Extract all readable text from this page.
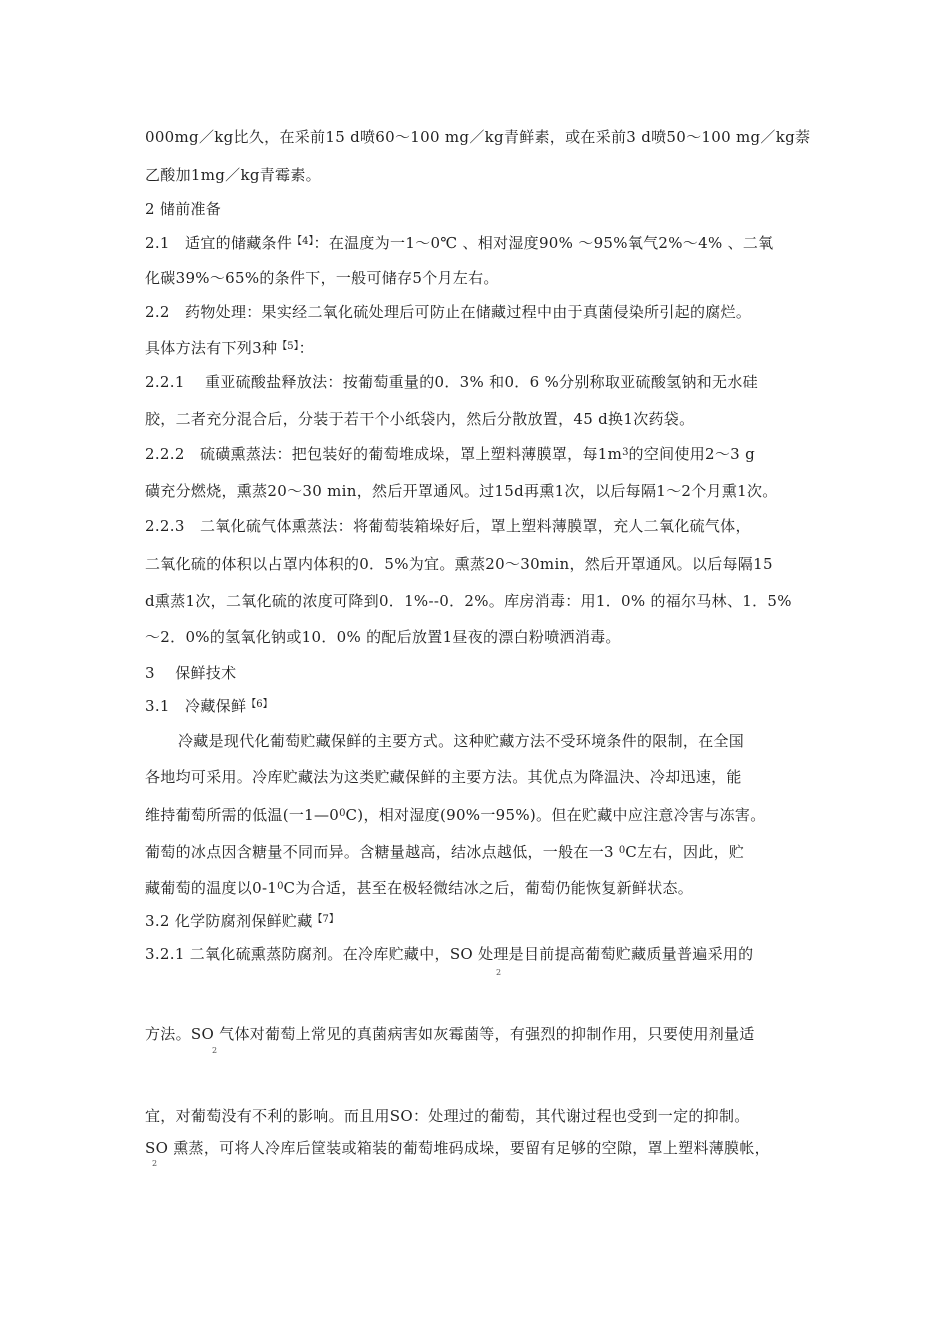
000mg／kg比久，在采前15 d喷60～100 mg／kg青鲜素，或在采前3 d喷50～100 mg／kg萘
乙酸加1mg／kg青霉素。
2 储前准备
2.1　适宜的储藏条件$^{【4】}$：在温度为一1～0℃ 、相对湿度90% ～95%氧气2%～4% 、二氧
化碳39%～65%的条件下，一般可储存5个月左右。
2.2　药物处理：果实经二氧化硫处理后可防止在储藏过程中由于真菌侵染所引起的腐烂。
具体方法有下列3种$^{【5】}$：
2.2.1　 重亚硫酸盐释放法：按葡萄重量的0．3% 和0．6 %分别称取亚硫酸氢钠和无水硅
胶，二者充分混合后，分装于若干个小纸袋内，然后分散放置，45 d换1次药袋。
2.2.2　硫磺熏蒸法：把包装好的葡萄堆成垛，罩上塑料薄膜罩，每1m$^3$的空间使用2～3 g
磺充分燃烧，熏蒸20～30 min，然后开罩通风。过15d再熏1次，以后每隔1～2个月熏1次。
2.2.3　二氧化硫气体熏蒸法：将葡萄装箱垛好后，罩上塑料薄膜罩，充人二氧化硫气体，
二氧化硫的体积以占罩内体积的0．5%为宜。熏蒸20～30min，然后开罩通风。以后每隔15
d熏蒸1次，二氧化硫的浓度可降到0．1%--0．2%。库房消毒：用1．0% 的福尔马林、1．5%
～2．0%的氢氧化钠或10．0% 的配后放置1昼夜的漂白粉喷洒消毒。
3　 保鲜技术
3.1　冷藏保鲜$^{【6】}$
冷藏是现代化葡萄贮藏保鲜的主要方式。这种贮藏方法不受环境条件的限制，在全国
各地均可采用。冷库贮藏法为这类贮藏保鲜的主要方法。其优点为降温決、冷却迅速，能
维持葡萄所需的低温(一1—0$^0$C)，相对湿度(90%一95%)。但在贮藏中应注意冷害与冻害。
葡萄的冰点因含糖量不同而异。含糖量越高，结冰点越低，一般在一3 $^0$C左右，因此，贮
藏葡萄的温度以0-1$^0$C为合适，甚至在极轻微结冰之后，葡萄仍能恢复新鲜状态。
3.2 化学防腐剂保鲜贮藏$^{【7】}$
3.2.1 二氧化硫熏蒸防腐剂。在冷库贮藏中，SO 处理是目前提高葡萄贮藏质量普遍采用的
2
方法。SO 气体对葡萄上常见的真菌病害如灰霉菌等，有强烈的抑制作用，只要使用剂量适
2
宜，对葡萄没有不利的影响。而且用SO：处理过的葡萄，其代谢过程也受到一定的抑制。
SO 熏蒸，可将人冷库后筐装或箱装的葡萄堆码成垛，要留有足够的空隙，罩上塑料薄膜帐，
2
